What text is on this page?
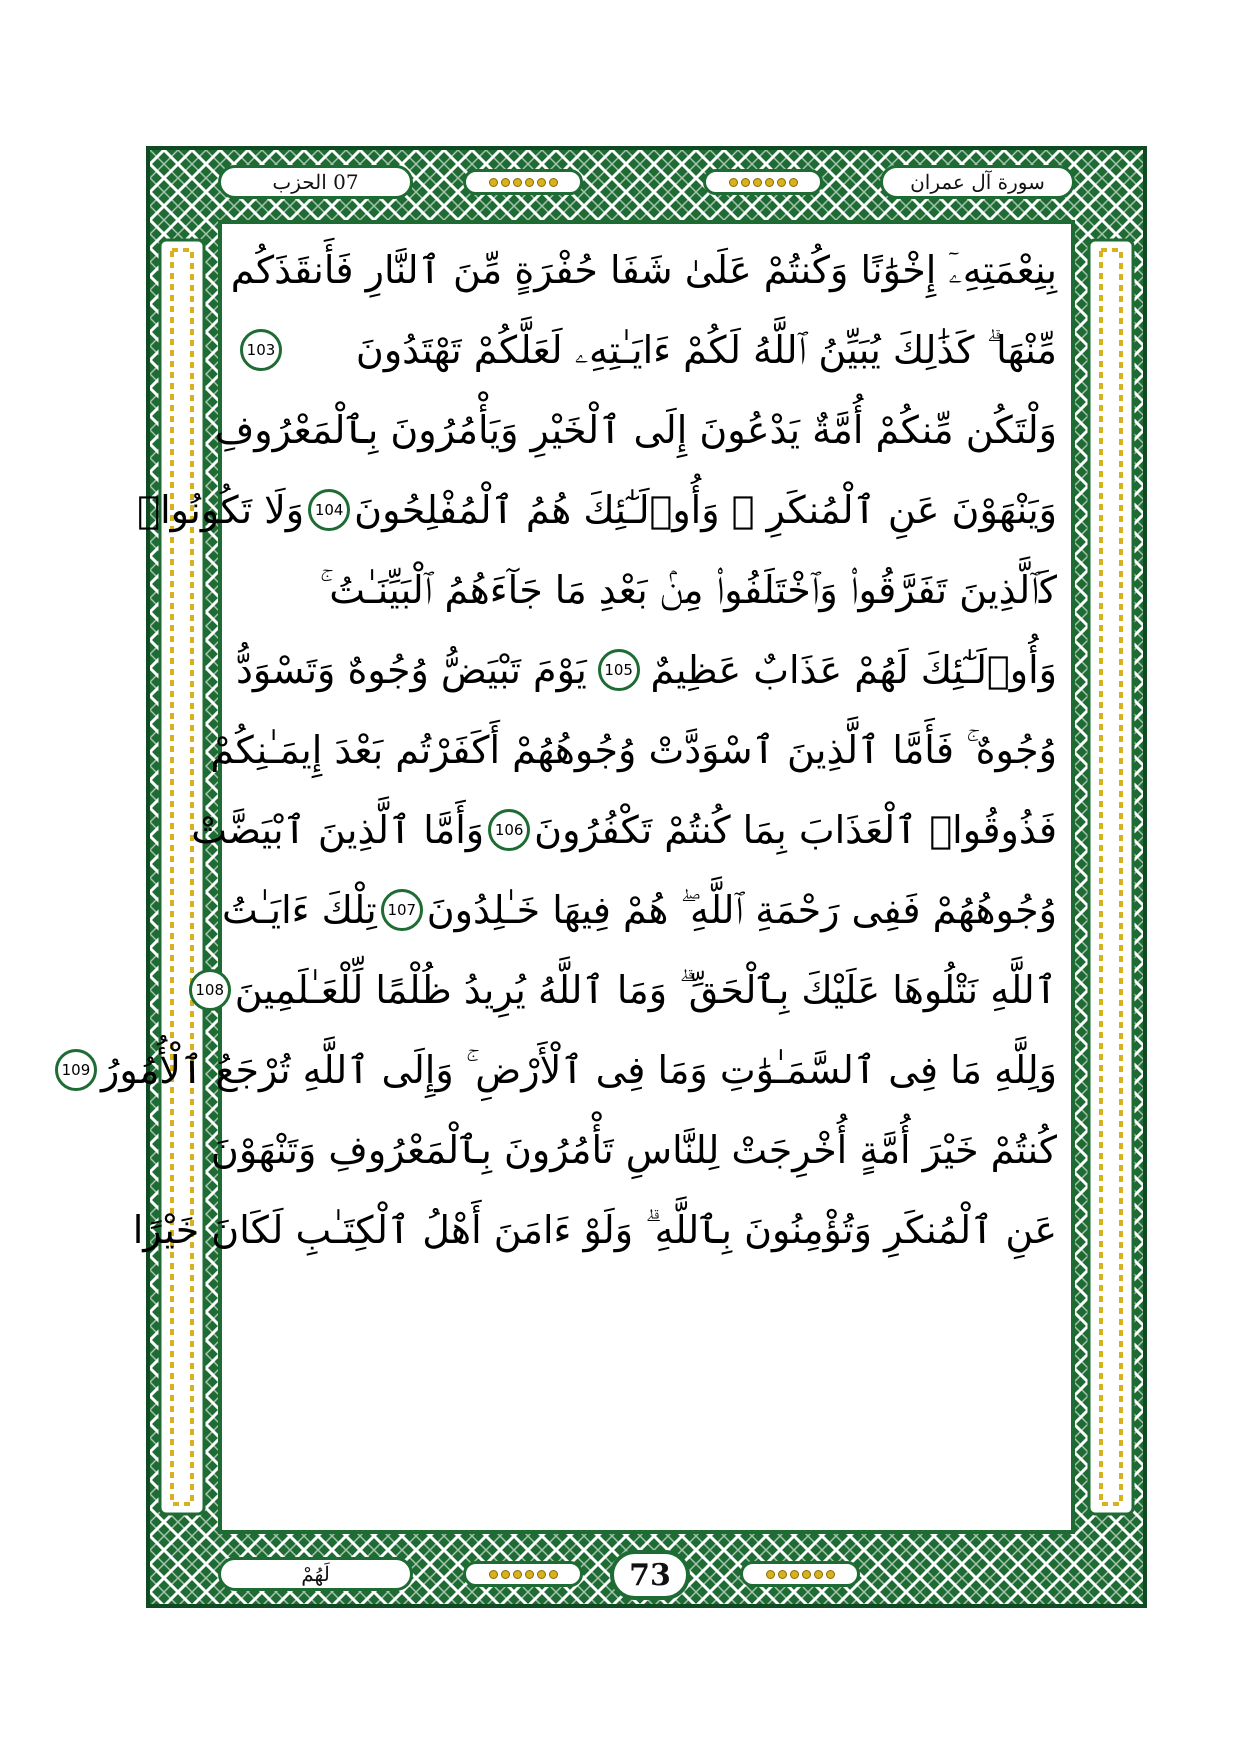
بِنِعْمَتِهِۦٓ إِخْوَٰنًا وَكُنتُمْ عَلَىٰ شَفَا حُفْرَةٍ مِّنَ ٱلنَّارِ فَأَنقَذَكُم
مِّنْهَا ۗ كَذَٰلِكَ يُبَيِّنُ ٱللَّهُ لَكُمْ ءَايَـٰتِهِۦ لَعَلَّكُمْ تَهْتَدُونَ
103
وَلْتَكُن مِّنكُمْ أُمَّةٌ يَدْعُونَ إِلَى ٱلْخَيْرِ وَيَأْمُرُونَ بِٱلْمَعْرُوفِ
وَيَنْهَوْنَ عَنِ ٱلْمُنكَرِ ۚ وَأُو۟لَـٰٓئِكَ هُمُ ٱلْمُفْلِحُونَ
104
وَلَا تَكُونُوا۟
كَٱلَّذِينَ تَفَرَّقُوا۟ وَٱخْتَلَفُوا۟ مِنۢ بَعْدِ مَا جَآءَهُمُ ٱلْبَيِّنَـٰتُ ۚ
وَأُو۟لَـٰٓئِكَ لَهُمْ عَذَابٌ عَظِيمٌ
105
يَوْمَ تَبْيَضُّ وُجُوهٌ وَتَسْوَدُّ
وُجُوهٌ ۚ فَأَمَّا ٱلَّذِينَ ٱسْوَدَّتْ وُجُوهُهُمْ أَكَفَرْتُم بَعْدَ إِيمَـٰنِكُمْ
فَذُوقُوا۟ ٱلْعَذَابَ بِمَا كُنتُمْ تَكْفُرُونَ
106
وَأَمَّا ٱلَّذِينَ ٱبْيَضَّتْ
وُجُوهُهُمْ فَفِى رَحْمَةِ ٱللَّهِ ۖ هُمْ فِيهَا خَـٰلِدُونَ
107
تِلْكَ ءَايَـٰتُ
ٱللَّهِ نَتْلُوهَا عَلَيْكَ بِٱلْحَقِّ ۗ وَمَا ٱللَّهُ يُرِيدُ ظُلْمًا لِّلْعَـٰلَمِينَ
108
وَلِلَّهِ مَا فِى ٱلسَّمَـٰوَٰتِ وَمَا فِى ٱلْأَرْضِ ۚ وَإِلَى ٱللَّهِ تُرْجَعُ ٱلْأُمُورُ
109
كُنتُمْ خَيْرَ أُمَّةٍ أُخْرِجَتْ لِلنَّاسِ تَأْمُرُونَ بِٱلْمَعْرُوفِ وَتَنْهَوْنَ
عَنِ ٱلْمُنكَرِ وَتُؤْمِنُونَ بِٱللَّهِ ۗ وَلَوْ ءَامَنَ أَهْلُ ٱلْكِتَـٰبِ لَكَانَ خَيْرًا
الحزب
07	سورة آل عمران
لَهُمْ	73
